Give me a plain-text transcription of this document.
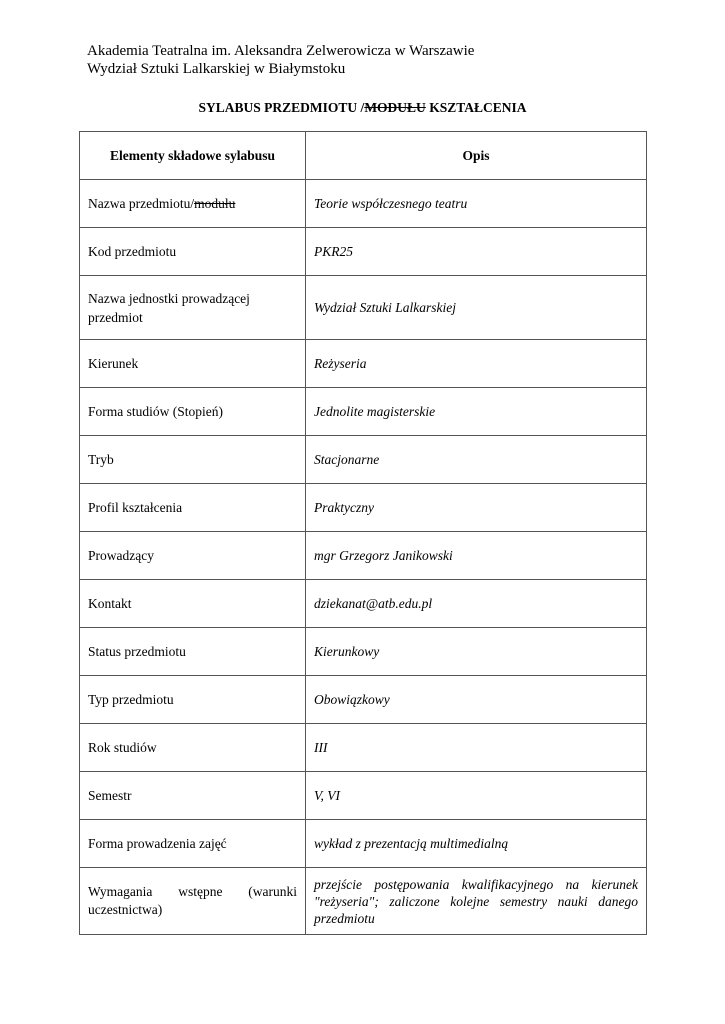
Akademia Teatralna im. Aleksandra Zelwerowicza w Warszawie
Wydział Sztuki Lalkarskiej w Białymstoku
SYLABUS PRZEDMIOTU /MODUŁU KSZTAŁCENIA
Elementy składowe sylabusu	Opis
Nazwa przedmiotu/modułu	Teorie współczesnego teatru
Kod przedmiotu	PKR25
Nazwa jednostki prowadzącej przedmiot	Wydział Sztuki Lalkarskiej
Kierunek	Reżyseria
Forma studiów (Stopień)	Jednolite magisterskie
Tryb	Stacjonarne
Profil kształcenia	Praktyczny
Prowadzący	mgr Grzegorz Janikowski
Kontakt	dziekanat@atb.edu.pl
Status przedmiotu	Kierunkowy
Typ przedmiotu	Obowiązkowy
Rok studiów	III
Semestr	V, VI
Forma prowadzenia zajęć	wykład z prezentacją multimedialną
Wymagania wstępne (warunki uczestnictwa)	przejście postępowania kwalifikacyjnego na kierunek "reżyseria"; zaliczone kolejne semestry nauki danego przedmiotu
